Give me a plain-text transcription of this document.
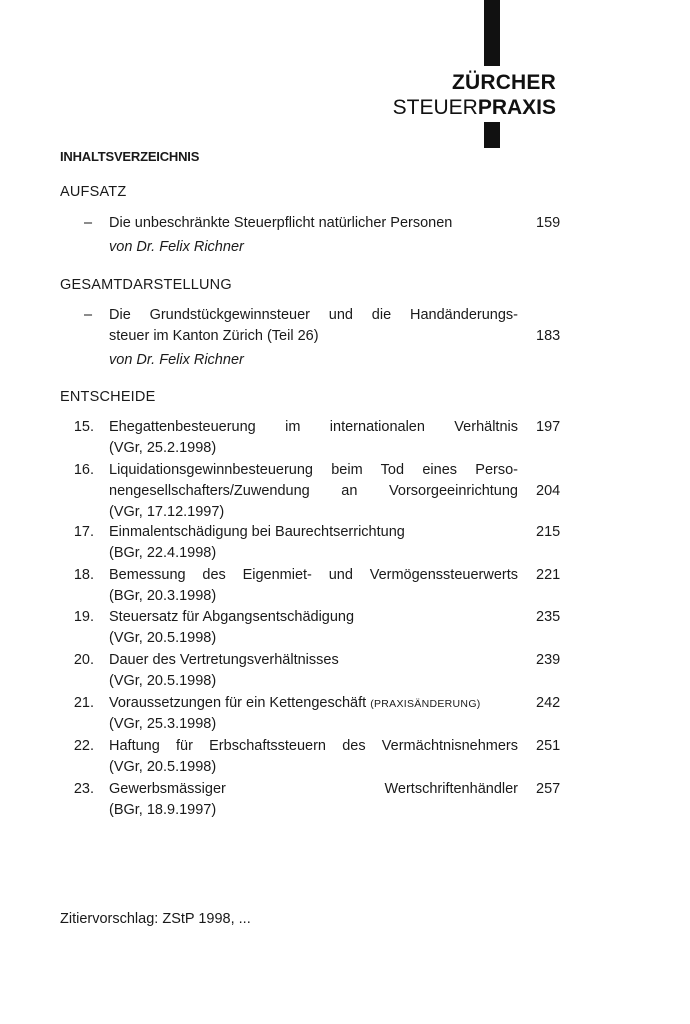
ZÜRCHER
STEUERPRAXIS
INHALTSVERZEICHNIS
AUFSATZ
– Die unbeschränkte Steuerpflicht natürlicher Personen	159
von Dr. Felix Richner
GESAMTDARSTELLUNG
– Die Grundstückgewinnsteuer und die Handänderungs-
steuer im Kanton Zürich (Teil 26)	183
von Dr. Felix Richner
ENTSCHEIDE
15. Ehegattenbesteuerung im internationalen Verhältnis 197
(VGr, 25.2.1998)
16. Liquidationsgewinnbesteuerung beim Tod eines Perso-
nengesellschafters/Zuwendung an Vorsorgeeinrichtung 204
(VGr, 17.12.1997)
17. Einmalentschädigung bei Baurechtserrichtung	215
(BGr, 22.4.1998)
18. Bemessung des Eigenmiet- und Vermögenssteuerwerts 221
(BGr, 20.3.1998)
19. Steuersatz für Abgangsentschädigung	235
(VGr, 20.5.1998)
20. Dauer des Vertretungsverhältnisses	239
(VGr, 20.5.1998)
21. Voraussetzungen für ein Kettengeschäft (PRAXISÄNDERUNG)	242
(VGr, 25.3.1998)
22. Haftung für Erbschaftssteuern des Vermächtnisnehmers 251
(VGr, 20.5.1998)
23. Gewerbsmässiger Wertschriftenhändler 257
(BGr, 18.9.1997)
Zitiervorschlag: ZStP 1998, ...
